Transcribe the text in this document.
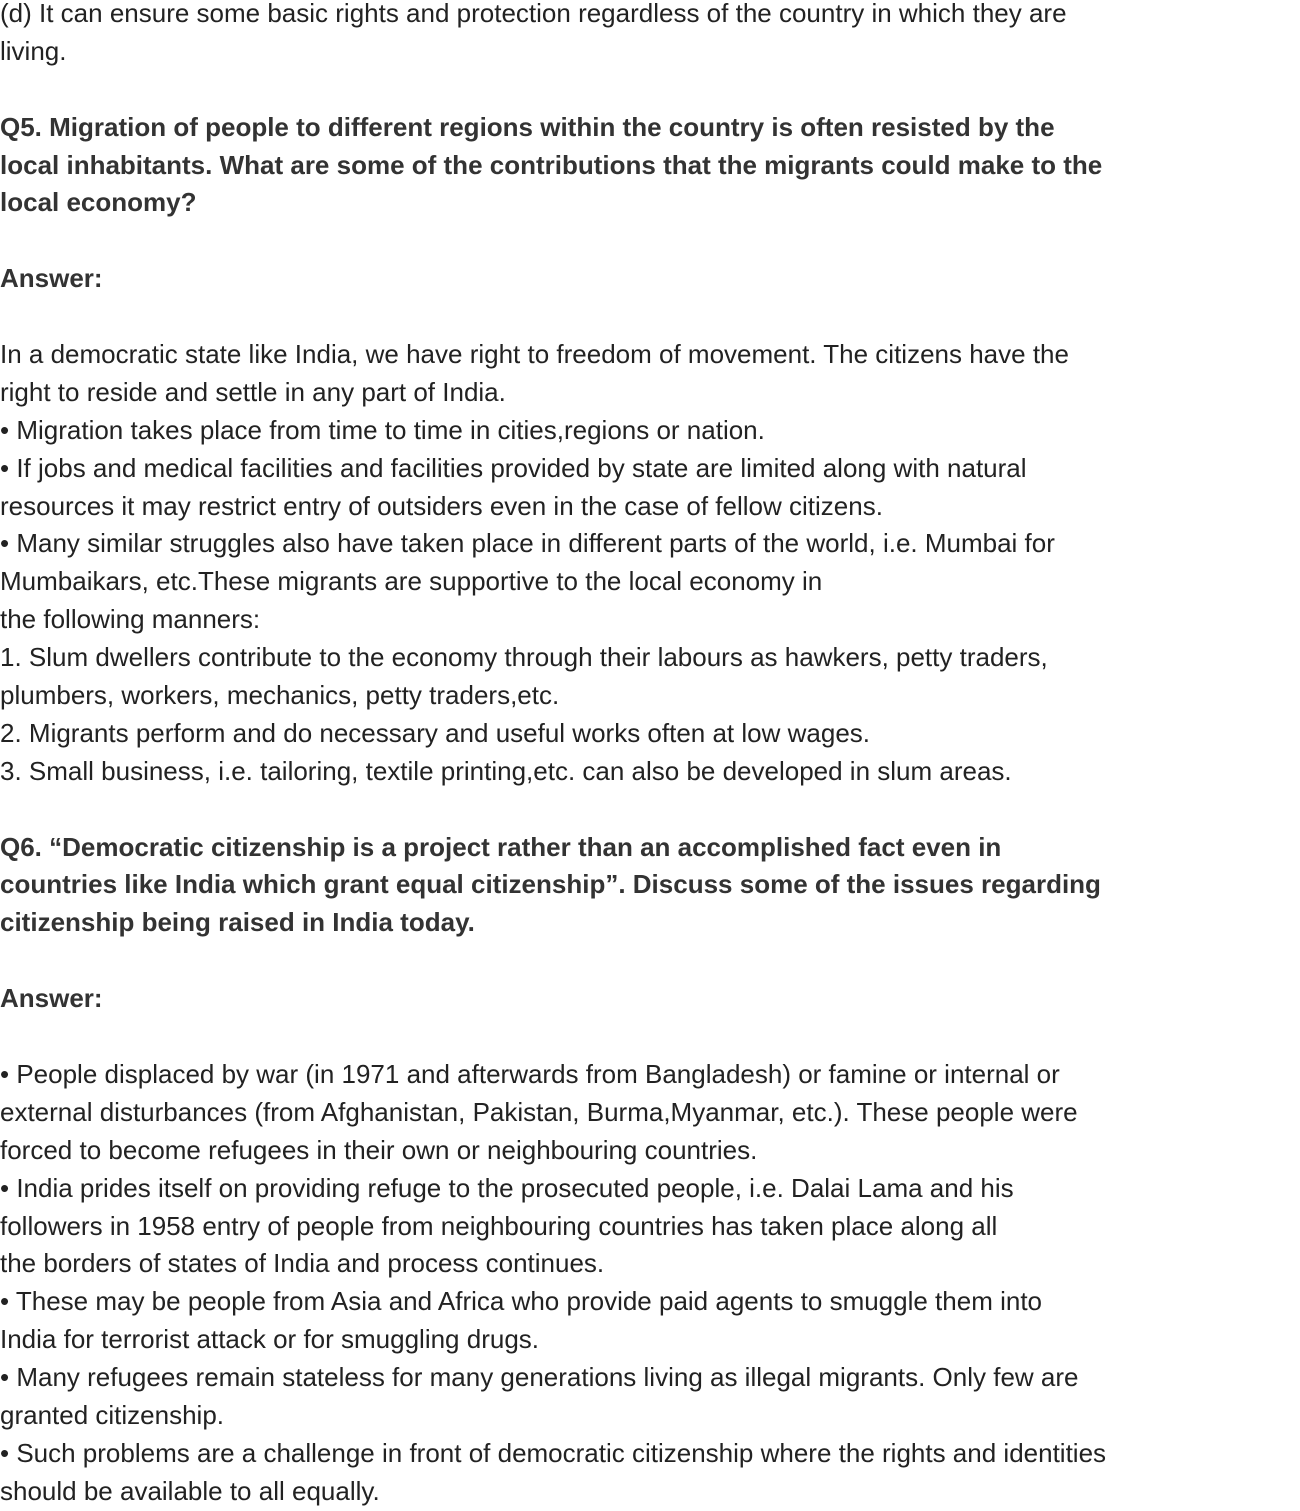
(d) It can ensure some basic rights and protection regardless of the country in which they are
living.
Q5. Migration of people to different regions within the country is often resisted by the
local inhabitants. What are some of the contributions that the migrants could make to the
local economy?
Answer:
In a democratic state like India, we have right to freedom of movement. The citizens have the
right to reside and settle in any part of India.
• Migration takes place from time to time in cities,regions or nation.
• If jobs and medical facilities and facilities provided by state are limited along with natural
resources it may restrict entry of outsiders even in the case of fellow citizens.
• Many similar struggles also have taken place in different parts of the world, i.e. Mumbai for
Mumbaikars, etc.These migrants are supportive to the local economy in
the following manners:
1. Slum dwellers contribute to the economy through their labours as hawkers, petty traders,
plumbers, workers, mechanics, petty traders,etc.
2. Migrants perform and do necessary and useful works often at low wages.
3. Small business, i.e. tailoring, textile printing,etc. can also be developed in slum areas.
Q6. “Democratic citizenship is a project rather than an accomplished fact even in
countries like India which grant equal citizenship”. Discuss some of the issues regarding
citizenship being raised in India today.
Answer:
• People displaced by war (in 1971 and afterwards from Bangladesh) or famine or internal or
external disturbances (from Afghanistan, Pakistan, Burma,Myanmar, etc.). These people were
forced to become refugees in their own or neighbouring countries.
• India prides itself on providing refuge to the prosecuted people, i.e. Dalai Lama and his
followers in 1958 entry of people from neighbouring countries has taken place along all
the borders of states of India and process continues.
• These may be people from Asia and Africa who provide paid agents to smuggle them into
India for terrorist attack or for smuggling drugs.
• Many refugees remain stateless for many generations living as illegal migrants. Only few are
granted citizenship.
• Such problems are a challenge in front of democratic citizenship where the rights and identities
should be available to all equally.
